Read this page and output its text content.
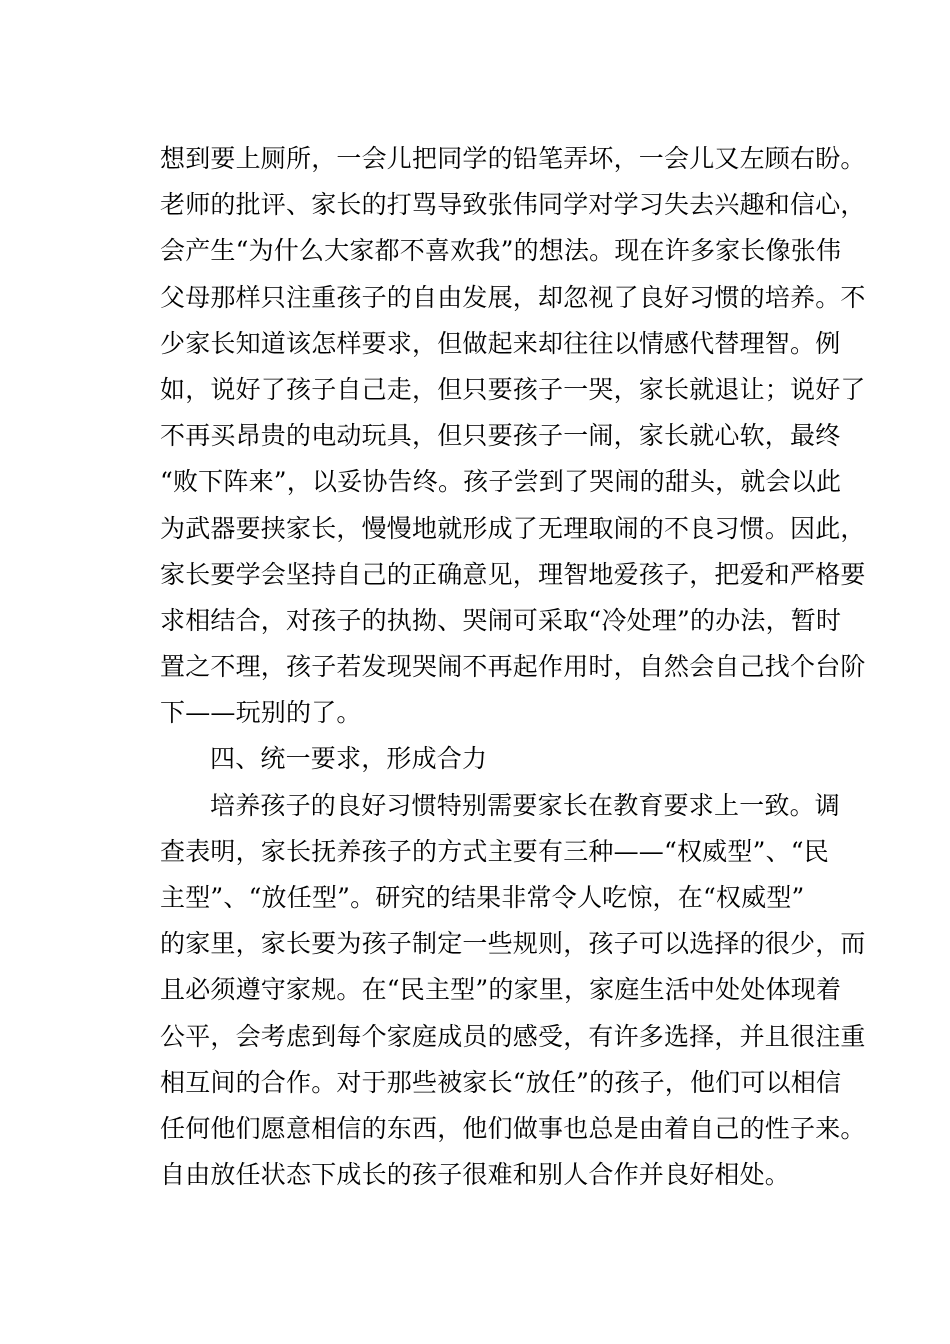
想到要上厕所，一会儿把同学的铅笔弄坏，一会儿又左顾右盼。
老师的批评、家长的打骂导致张伟同学对学习失去兴趣和信心，
会产生“为什么大家都不喜欢我”的想法。现在许多家长像张伟
父母那样只注重孩子的自由发展，却忽视了良好习惯的培养。不
少家长知道该怎样要求，但做起来却往往以情感代替理智。例
如，说好了孩子自己走，但只要孩子一哭，家长就退让；说好了
不再买昂贵的电动玩具，但只要孩子一闹，家长就心软，最终
“败下阵来”，以妥协告终。孩子尝到了哭闹的甜头，就会以此
为武器要挟家长，慢慢地就形成了无理取闹的不良习惯。因此，
家长要学会坚持自己的正确意见，理智地爱孩子，把爱和严格要
求相结合，对孩子的执拗、哭闹可采取“冷处理”的办法，暂时
置之不理，孩子若发现哭闹不再起作用时，自然会自己找个台阶
下——玩别的了。
四、统一要求，形成合力
培养孩子的良好习惯特别需要家长在教育要求上一致。调
查表明，家长抚养孩子的方式主要有三种——“权威型”、“民
主型”、“放任型”。研究的结果非常令人吃惊，在“权威型”
的家里，家长要为孩子制定一些规则，孩子可以选择的很少，而
且必须遵守家规。在“民主型”的家里，家庭生活中处处体现着
公平，会考虑到每个家庭成员的感受，有许多选择，并且很注重
相互间的合作。对于那些被家长“放任”的孩子，他们可以相信
任何他们愿意相信的东西，他们做事也总是由着自己的性子来。
自由放任状态下成长的孩子很难和别人合作并良好相处。
